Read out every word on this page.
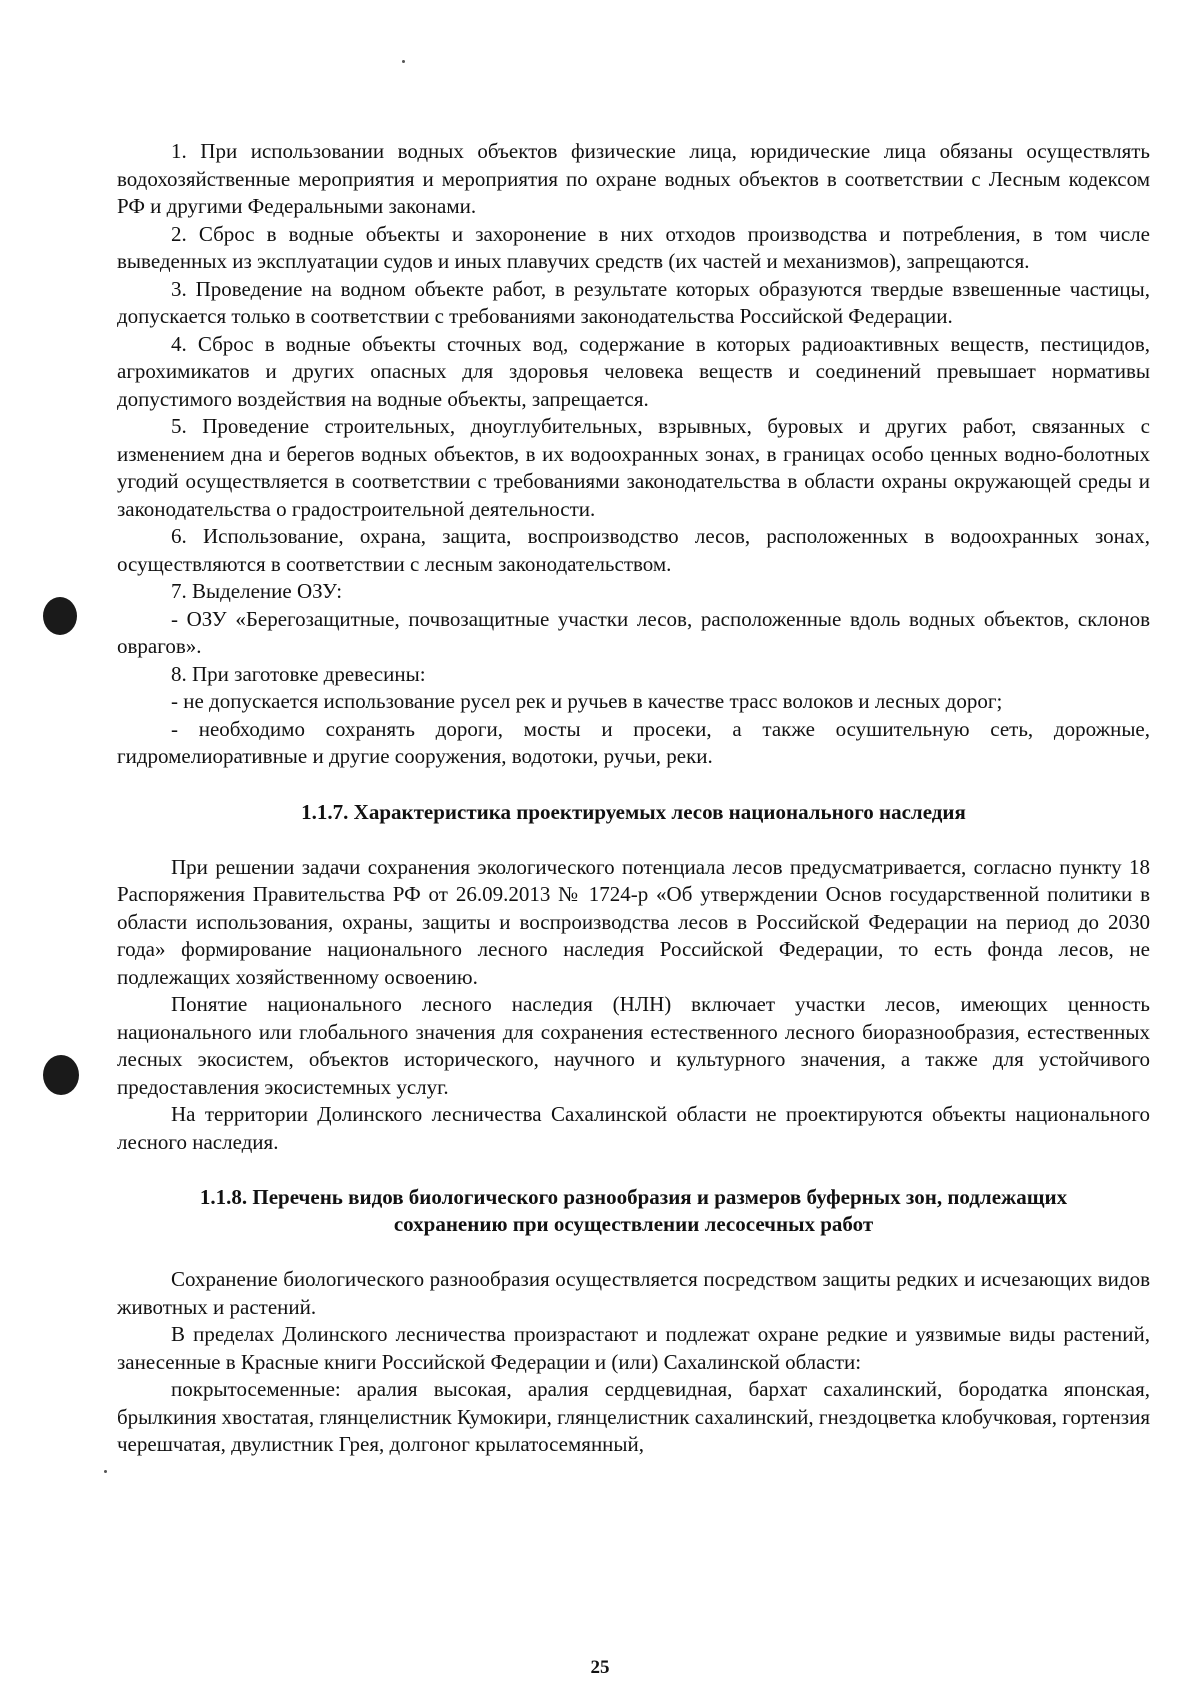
1. При использовании водных объектов физические лица, юридические лица обязаны осуществлять водохозяйственные мероприятия и мероприятия по охране водных объектов в соответствии с Лесным кодексом РФ и другими Федеральными законами.

2. Сброс в водные объекты и захоронение в них отходов производства и потребления, в том числе выведенных из эксплуатации судов и иных плавучих средств (их частей и механизмов), запрещаются.

3. Проведение на водном объекте работ, в результате которых образуются твердые взвешенные частицы, допускается только в соответствии с требованиями законодательства Российской Федерации.

4. Сброс в водные объекты сточных вод, содержание в которых радиоактивных веществ, пестицидов, агрохимикатов и других опасных для здоровья человека веществ и соединений превышает нормативы допустимого воздействия на водные объекты, запрещается.

5. Проведение строительных, дноуглубительных, взрывных, буровых и других работ, связанных с изменением дна и берегов водных объектов, в их водоохранных зонах, в границах особо ценных водно-болотных угодий осуществляется в соответствии с требованиями законодательства в области охраны окружающей среды и законодательства о градостроительной деятельности.

6. Использование, охрана, защита, воспроизводство лесов, расположенных в водоохранных зонах, осуществляются в соответствии с лесным законодательством.

7. Выделение ОЗУ:

- ОЗУ «Берегозащитные, почвозащитные участки лесов, расположенные вдоль водных объектов, склонов оврагов».

8. При заготовке древесины:

- не допускается использование русел рек и ручьев в качестве трасс волоков и лесных дорог;

- необходимо сохранять дороги, мосты и просеки, а также осушительную сеть, дорожные, гидромелиоративные и другие сооружения, водотоки, ручьи, реки.

1.1.7. Характеристика проектируемых лесов национального наследия

При решении задачи сохранения экологического потенциала лесов предусматривается, согласно пункту 18 Распоряжения Правительства РФ от 26.09.2013 № 1724-р «Об утверждении Основ государственной политики в области использования, охраны, защиты и воспроизводства лесов в Российской Федерации на период до 2030 года» формирование национального лесного наследия Российской Федерации, то есть фонда лесов, не подлежащих хозяйственному освоению.

Понятие национального лесного наследия (НЛН) включает участки лесов, имеющих ценность национального или глобального значения для сохранения естественного лесного биоразнообразия, естественных лесных экосистем, объектов исторического, научного и культурного значения, а также для устойчивого предоставления экосистемных услуг.

На территории Долинского лесничества Сахалинской области не проектируются объекты национального лесного наследия.

1.1.8. Перечень видов биологического разнообразия и размеров буферных зон, подлежащих
сохранению при осуществлении лесосечных работ

Сохранение биологического разнообразия осуществляется посредством защиты редких и исчезающих видов животных и растений.

В пределах Долинского лесничества произрастают и подлежат охране редкие и уязвимые виды растений, занесенные в Красные книги Российской Федерации и (или) Сахалинской области:

покрытосеменные: аралия высокая, аралия сердцевидная, бархат сахалинский, бородатка японская, брылкиния хвостатая, глянцелистник Кумокири, глянцелистник сахалинский, гнездоцветка клобучковая, гортензия черешчатая, двулистник Грея, долгоног крылатосемянный,

25
